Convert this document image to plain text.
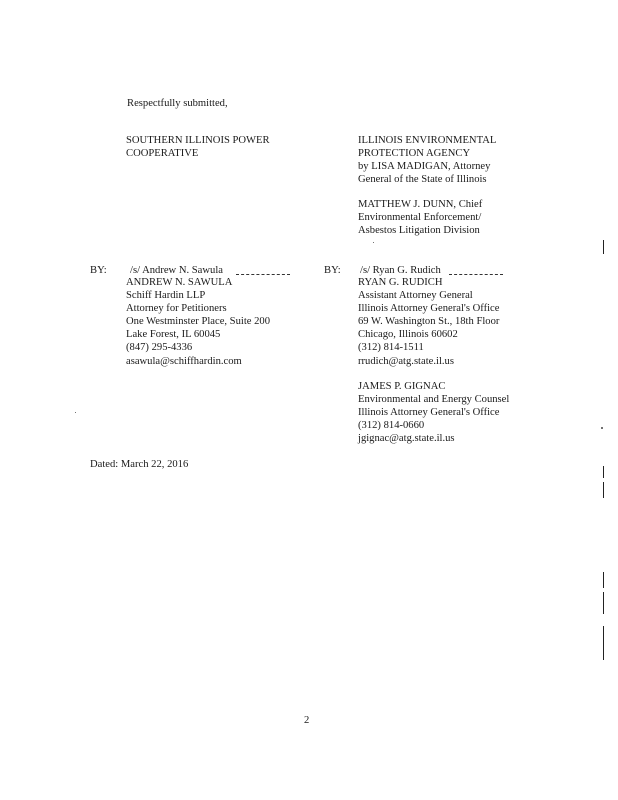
Respectfully submitted,
SOUTHERN ILLINOIS POWER
COOPERATIVE
ILLINOIS ENVIRONMENTAL
PROTECTION AGENCY
by LISA MADIGAN, Attorney
General of the State of Illinois
MATTHEW J. DUNN, Chief
Environmental Enforcement/
Asbestos Litigation Division
BY: /s/ Andrew N. Sawula
ANDREW N. SAWULA
Schiff Hardin LLP
Attorney for Petitioners
One Westminster Place, Suite 200
Lake Forest, IL 60045
(847) 295-4336
asawula@schiffhardin.com
BY: /s/ Ryan G. Rudich
RYAN G. RUDICH
Assistant Attorney General
Illinois Attorney General's Office
69 W. Washington St., 18th Floor
Chicago, Illinois 60602
(312) 814-1511
rrudich@atg.state.il.us
JAMES P. GIGNAC
Environmental and Energy Counsel
Illinois Attorney General's Office
(312) 814-0660
jgignac@atg.state.il.us
Dated: March 22, 2016
2
